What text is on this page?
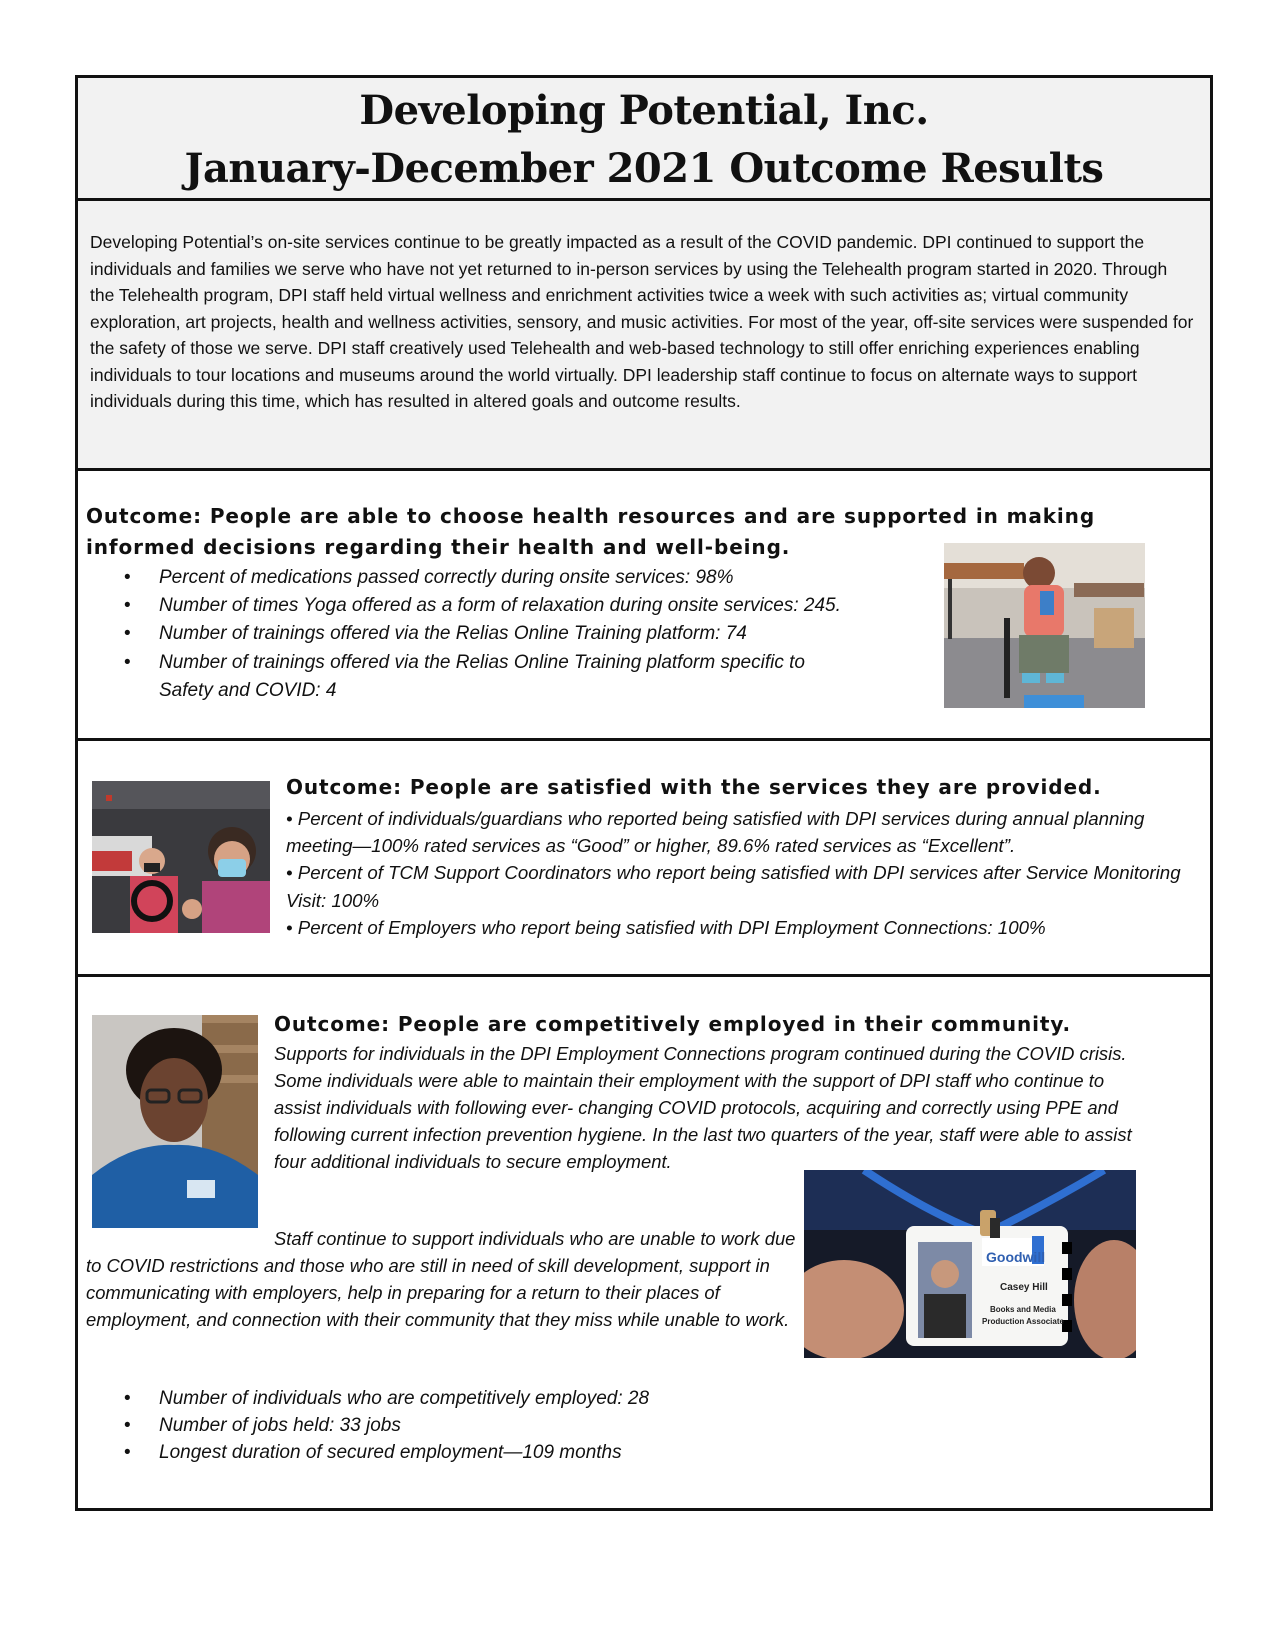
Developing Potential, Inc.
January-December 2021 Outcome Results

Developing Potential’s on-site services continue to be greatly impacted as a result of the COVID pandemic. DPI continued to support the individuals and families we serve who have not yet returned to in-person services by using the Telehealth program started in 2020. Through the Telehealth program, DPI staff held virtual wellness and enrichment activities twice a week with such activities as; virtual community exploration, art projects, health and wellness activities, sensory, and music activities. For most of the year, off-site services were suspended for the safety of those we serve. DPI staff creatively used Telehealth and web-based technology to still offer enriching experiences enabling individuals to tour locations and museums around the world virtually. DPI leadership staff continue to focus on alternate ways to support individuals during this time, which has resulted in altered goals and outcome results.

Outcome: People are able to choose health resources and are supported in making informed decisions regarding their health and well-being.

• Percent of medications passed correctly during onsite services: 98%
• Number of times Yoga offered as a form of relaxation during onsite services: 245.
• Number of trainings offered via the Relias Online Training platform: 74
• Number of trainings offered via the Relias Online Training platform specific to Safety and COVID: 4

Outcome: People are satisfied with the services they are provided.

• Percent of individuals/guardians who reported being satisfied with DPI services during annual planning meeting—100% rated services as “Good” or higher, 89.6% rated services as “Excellent”.
• Percent of TCM Support Coordinators who report being satisfied with DPI services after Service Monitoring Visit: 100%
• Percent of Employers who report being satisfied with DPI Employment Connections: 100%

Outcome: People are competitively employed in their community.

Supports for individuals in the DPI Employment Connections program continued during the COVID crisis. Some individuals were able to maintain their employment with the support of DPI staff who continue to assist individuals with following ever- changing COVID protocols, acquiring and correctly using PPE and following current infection prevention hygiene. In the last two quarters of the year, staff were able to assist four additional individuals to secure employment.

Staff continue to support individuals who are unable to work due to COVID restrictions and those who are still in need of skill development, support in communicating with employers, help in preparing for a return to their places of employment, and connection with their community that they miss while unable to work.

Goodwill
Casey Hill
Books and Media
Production Associate
• Number of individuals who are competitively employed: 28
• Number of jobs held: 33 jobs
• Longest duration of secured employment—109 months
